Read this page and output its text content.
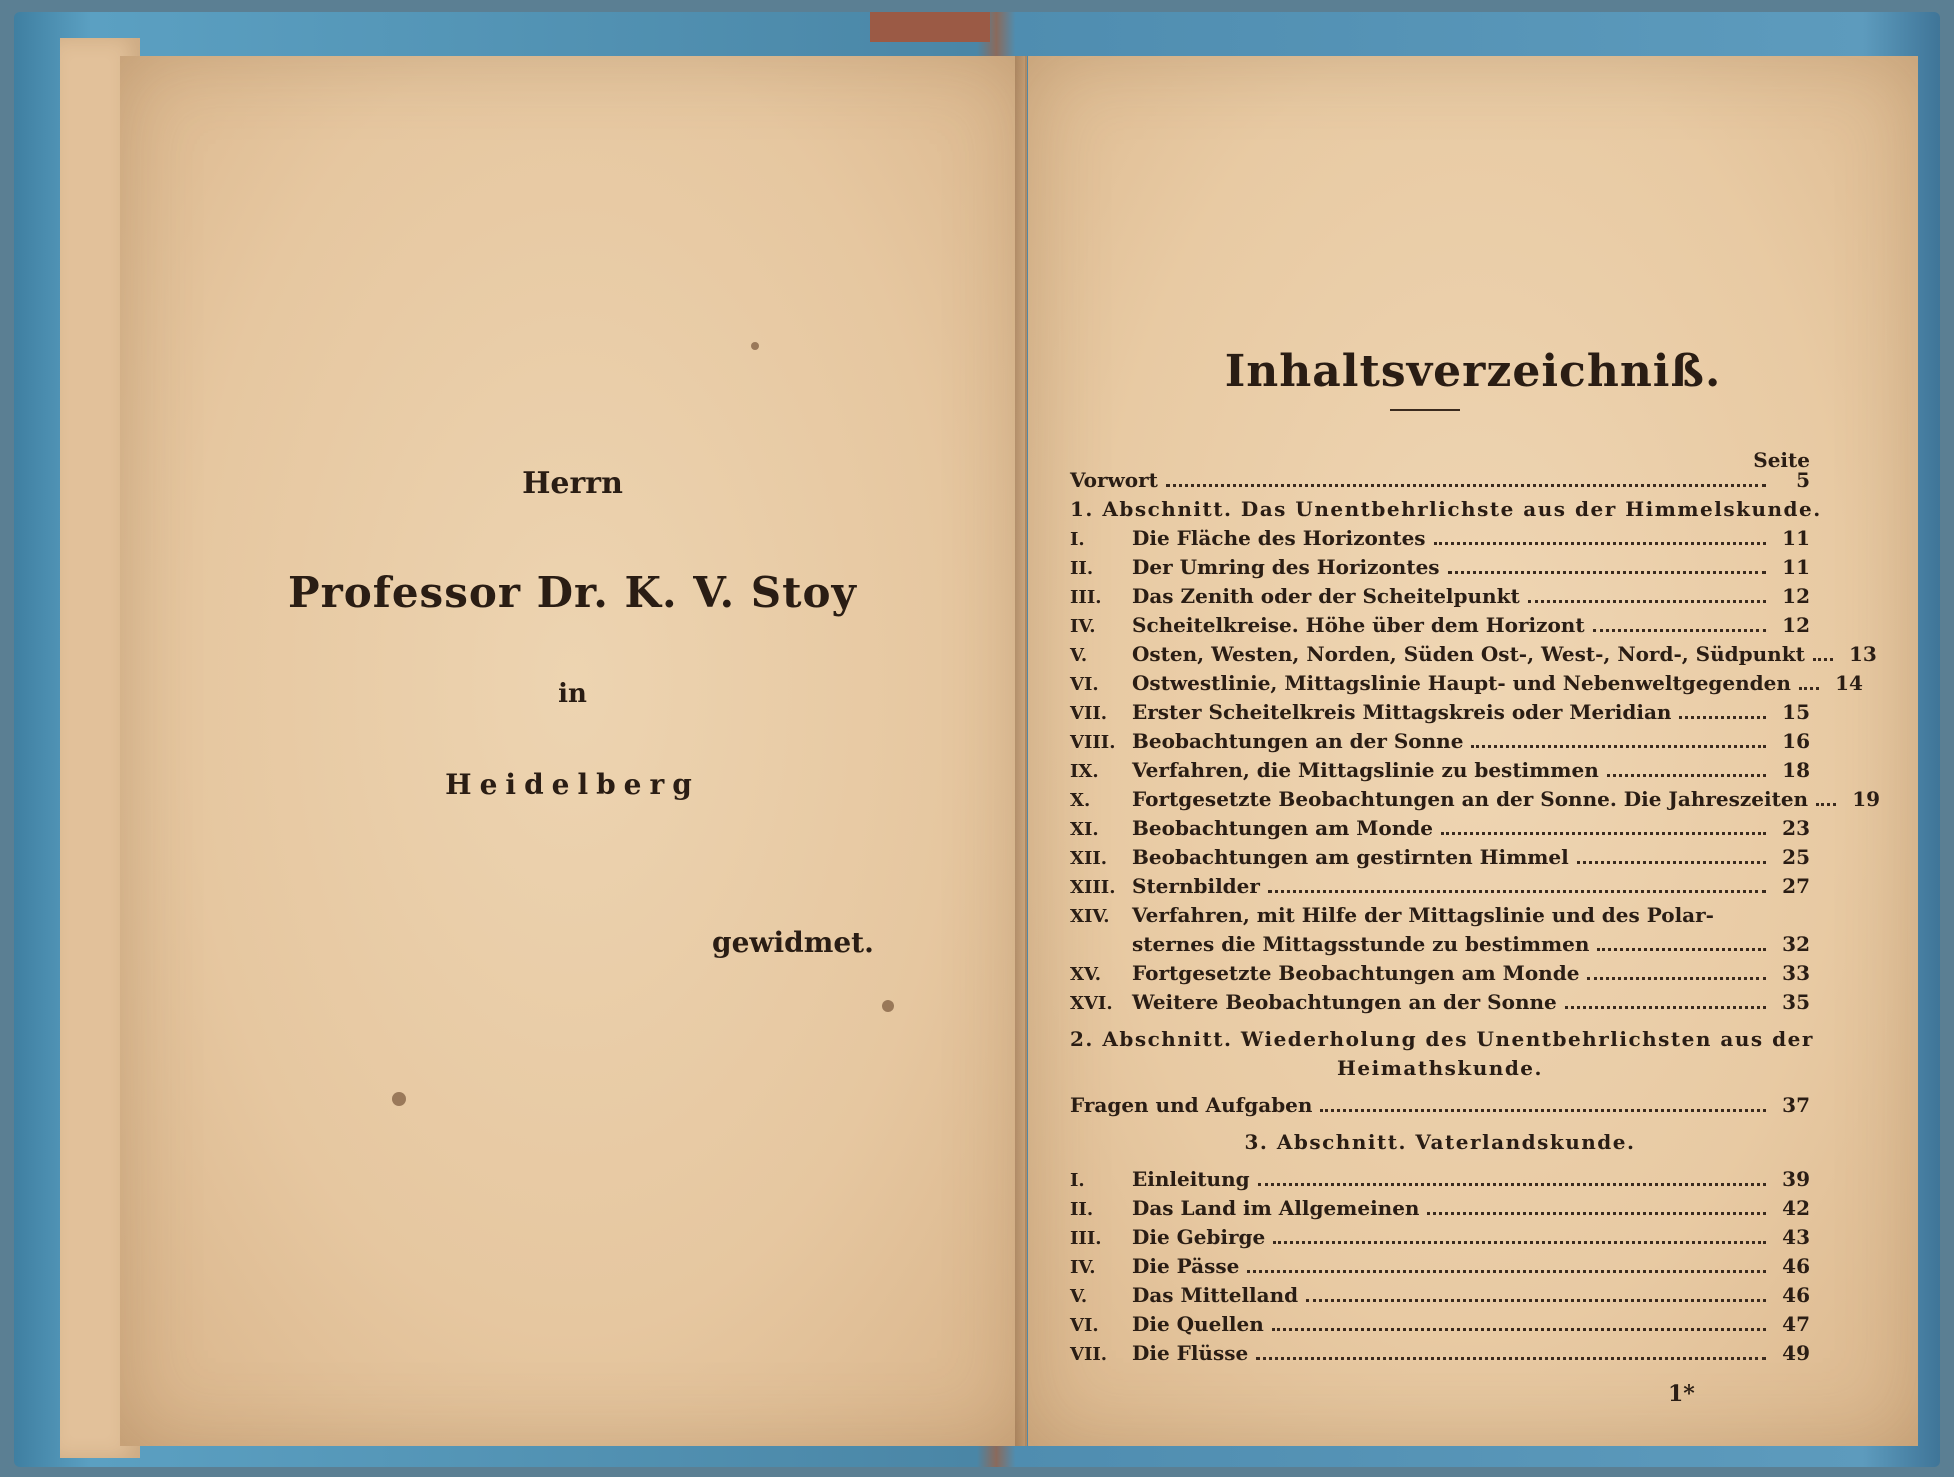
Herrn
Professor Dr. K. V. Stoy
in
Heidelberg
gewidmet.
Inhaltsverzeichniß.
Seite
Vorwort	5
1. Abschnitt. Das Unentbehrlichste aus der Himmelskunde.
I.	Die Fläche des Horizontes	11
II.	Der Umring des Horizontes	11
III.	Das Zenith oder der Scheitelpunkt	12
IV.	Scheitelkreise. Höhe über dem Horizont	12
V.	Osten, Westen, Norden, Süden Ost-, West-, Nord-, Südpunkt	13
VI.	Ostwestlinie, Mittagslinie Haupt- und Nebenweltgegenden	14
VII.	Erster Scheitelkreis Mittagskreis oder Meridian	15
VIII. Beobachtungen an der Sonne	16
IX.	Verfahren, die Mittagslinie zu bestimmen	18
X.	Fortgesetzte Beobachtungen an der Sonne. Die Jahreszeiten	19
XI.	Beobachtungen am Monde	23
XII.	Beobachtungen am gestirnten Himmel	25
XIII. Sternbilder	27
XIV.	Verfahren, mit Hilfe der Mittagslinie und des Polar-
sternes die Mittagsstunde zu bestimmen	32
XV.	Fortgesetzte Beobachtungen am Monde	33
XVI. Weitere Beobachtungen an der Sonne	35
2. Abschnitt. Wiederholung des Unentbehrlichsten aus der
Heimathskunde.
Fragen und Aufgaben	37
3. Abschnitt. Vaterlandskunde.
I.	Einleitung	39
II.	Das Land im Allgemeinen	42
III.	Die Gebirge	43
IV.	Die Pässe	46
V.	Das Mittelland	46
VI.	Die Quellen	47
VII.	Die Flüsse	49
1*
